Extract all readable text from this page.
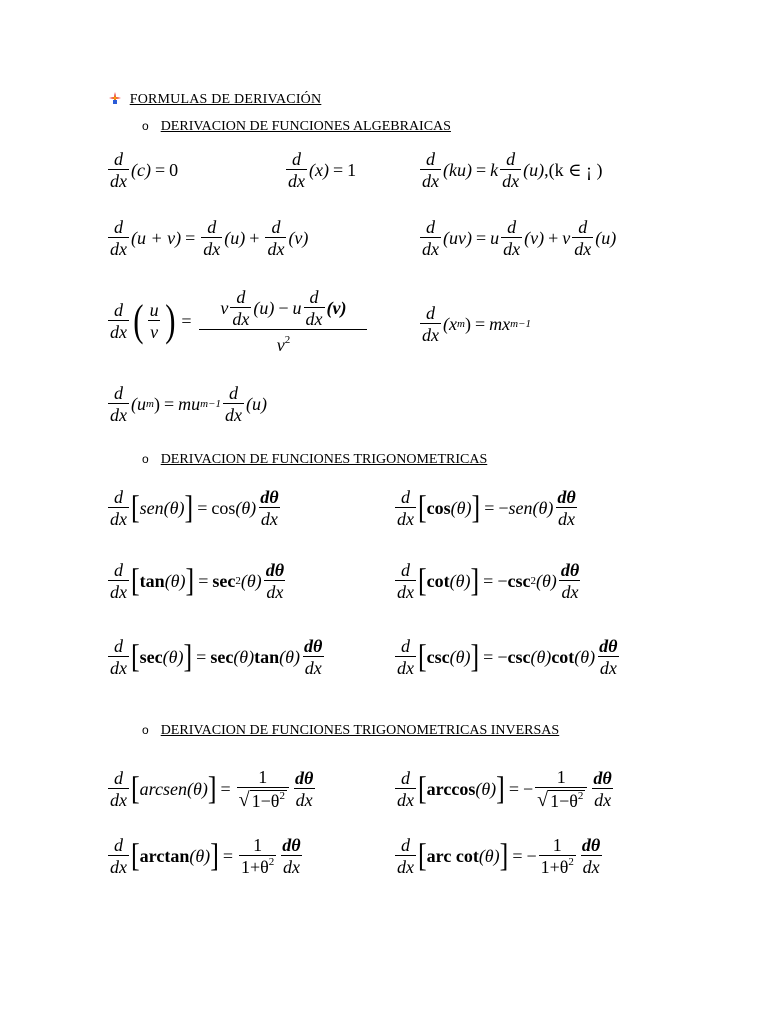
FORMULAS DE DERIVACIÓN
o DERIVACION DE FUNCIONES ALGEBRAICAS
$\frac{d}{dx} (c) = 0$	$\frac{d}{dx} (x) = 1$	$\frac{d}{dx} (ku) = k \frac{d}{dx} (u)$ ,(k ∈ ¡ )
$\frac{d}{dx} (u + v) = \frac{d}{dx} (u) + \frac{d}{dx} (v)$	$\frac{d}{dx} (uv) = u \frac{d}{dx} (v) + v \frac{d}{dx} (u)$
$\frac{d}{dx}$ ( $\frac{u}{v}$ ) = $\frac{v \frac{d}{dx} (u) - u \frac{d}{dx} (v)}{v^2}$	$\frac{d}{dx} (x$ m ) = mx m−1
$\frac{d}{dx} (u$ m ) = mu $m-1 \frac{d}{dx} (u)$
o DERIVACION DE FUNCIONES TRIGONOMETRICAS
$\frac{d}{dx}$ [ sen (θ) ] = $\cos (\theta) \frac{d\theta}{dx}$	$\frac{d}{dx}$ [ cos (θ) ] = − sen $(\theta) \frac{d\theta}{dx}$
$\frac{d}{dx}$ [ tan (θ) ] = sec 2 $(\theta) \frac{d\theta}{dx}$	$\frac{d}{dx}$ [ cot (θ) ] = − csc 2 $(\theta) \frac{d\theta}{dx}$
$\frac{d}{dx}$ [ sec (θ) ] = sec (θ) $\tan (\theta) \frac{d\theta}{dx}$	$\frac{d}{dx}$ [ csc (θ) ] = − csc (θ) $\cot (\theta) \frac{d\theta}{dx}$
o DERIVACION DE FUNCIONES TRIGONOMETRICAS INVERSAS
$\frac{d}{dx}$ [ arcsen (θ) ] = $\frac{1}{√ 1-\theta^2} \frac{d\theta}{dx}$	$\frac{d}{dx}$ [ arccos (θ) ] = − $\frac{1}{√ 1-\theta^2} \frac{d\theta}{dx}$
$\frac{d}{dx}$ [ arctan (θ) ] = $\frac{1}{1+\theta^2} \frac{d\theta}{dx}$	$\frac{d}{dx}$ [ arc cot (θ) ] = − $\frac{1}{1+\theta^2} \frac{d\theta}{dx}$
